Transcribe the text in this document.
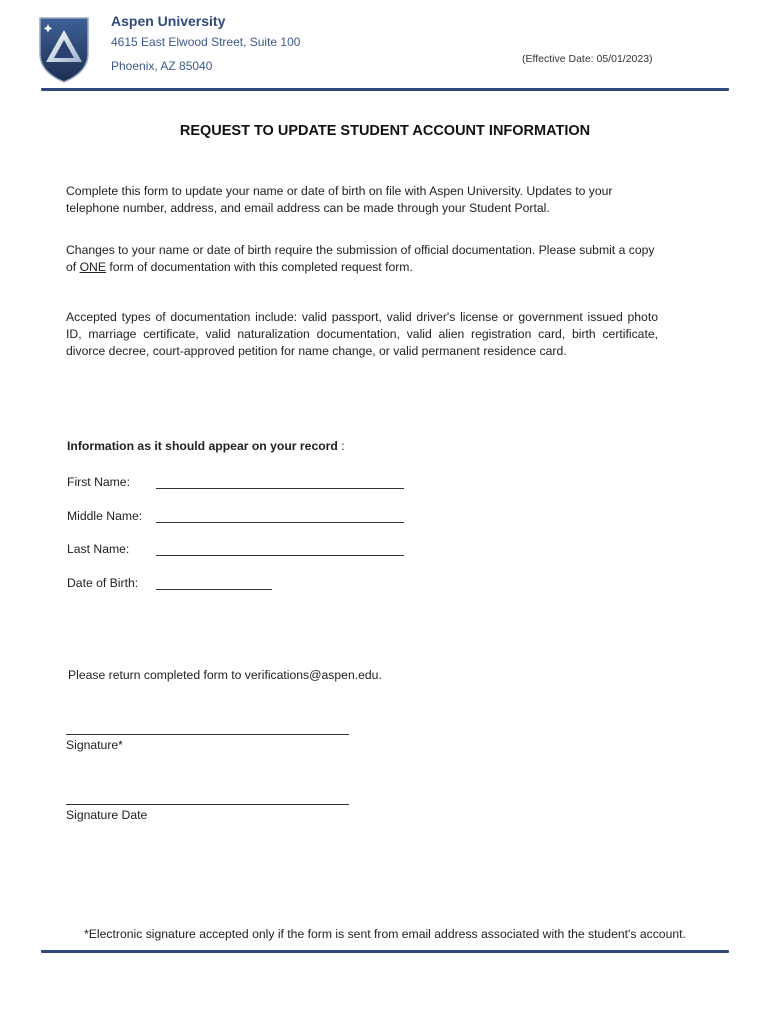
Aspen University
4615 East Elwood Street, Suite 100
Phoenix, AZ 85040	(Effective Date: 05/01/2023)
REQUEST TO UPDATE STUDENT ACCOUNT INFORMATION
Complete this form to update your name or date of birth on file with Aspen University. Updates to your telephone number, address, and email address can be made through your Student Portal.
Changes to your name or date of birth require the submission of official documentation. Please submit a copy of ONE form of documentation with this completed request form.
Accepted types of documentation include: valid passport, valid driver's license or government issued photo ID, marriage certificate, valid naturalization documentation, valid alien registration card, birth certificate, divorce decree, court-approved petition for name change, or valid permanent residence card.
Information as it should appear on your record :
First Name:
Middle Name:
Last Name:
Date of Birth:
Please return completed form to verifications@aspen.edu.
Signature*
Signature Date
*Electronic signature accepted only if the form is sent from email address associated with the student's account.
